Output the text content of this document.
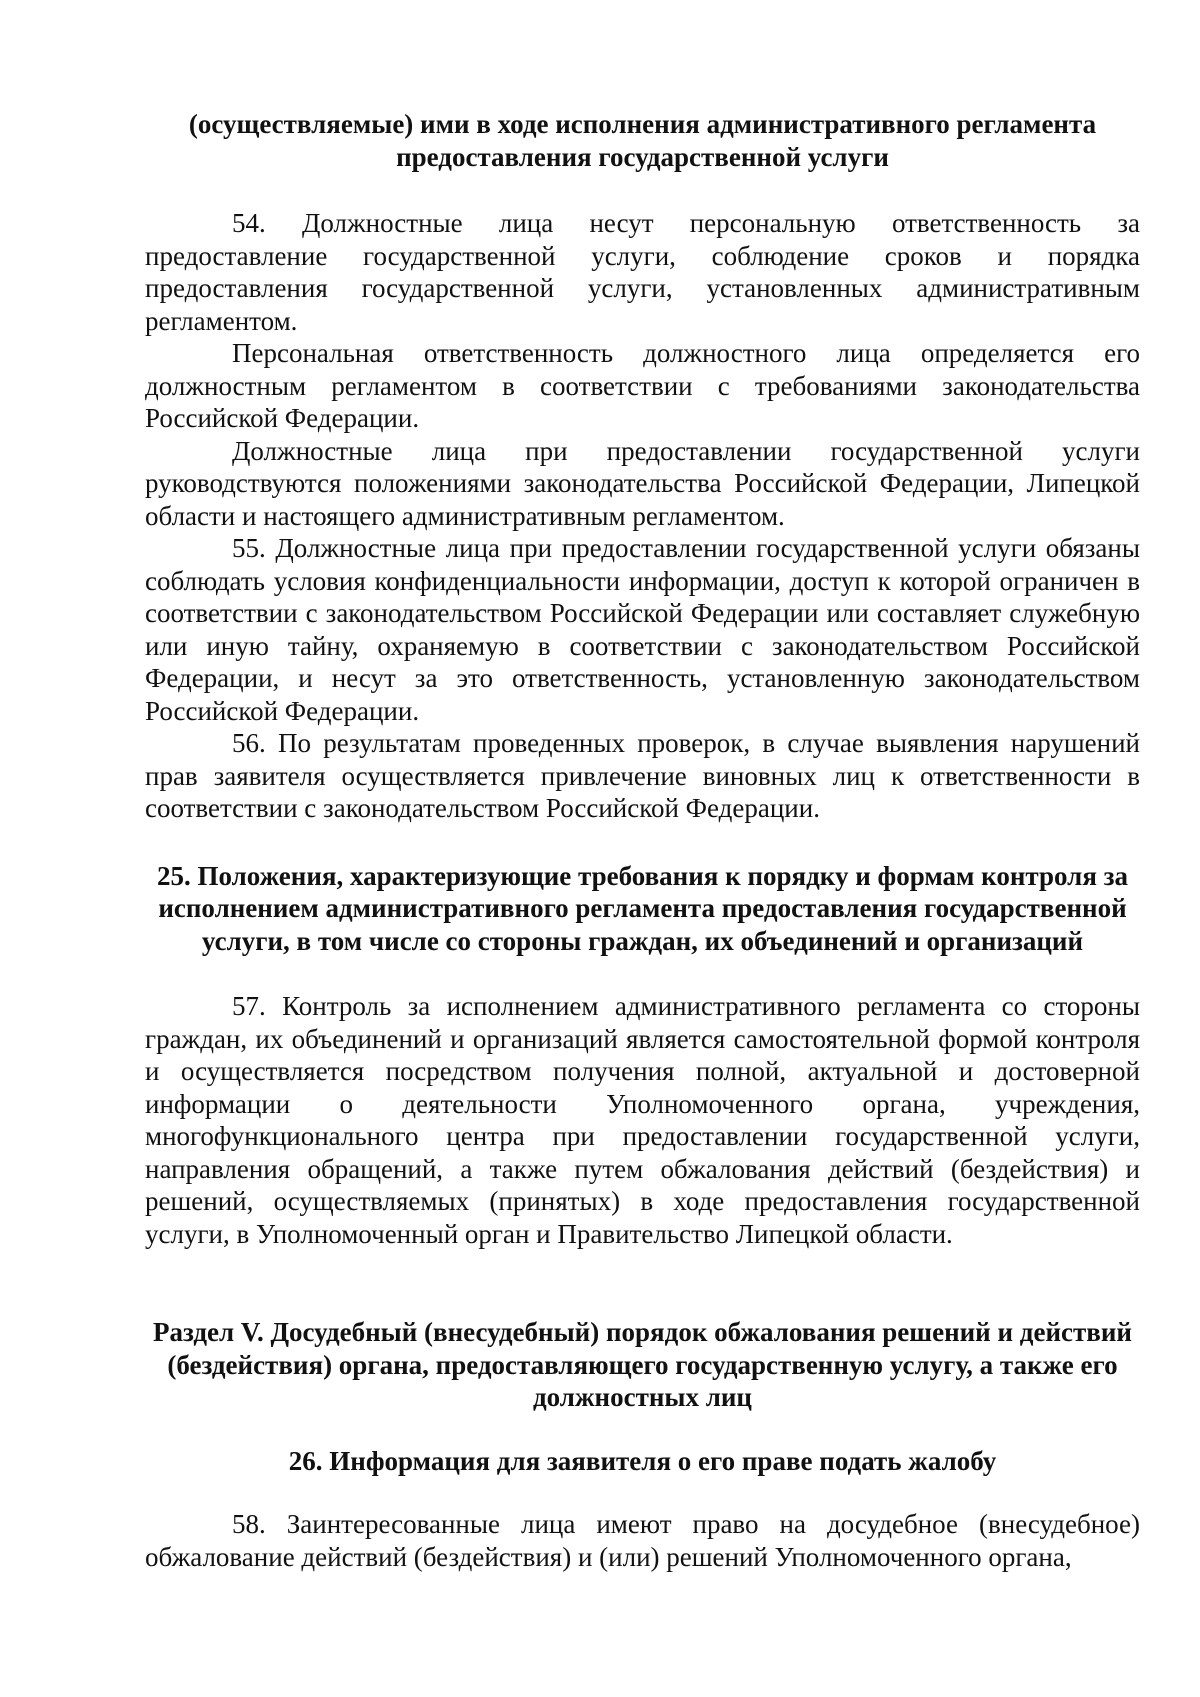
(осуществляемые) ими в ходе исполнения административного регламента предоставления государственной услуги

54. Должностные лица несут персональную ответственность за предоставление государственной услуги, соблюдение сроков и порядка предоставления государственной услуги, установленных административным регламентом.

Персональная ответственность должностного лица определяется его должностным регламентом в соответствии с требованиями законодательства Российской Федерации.

Должностные лица при предоставлении государственной услуги руководствуются положениями законодательства Российской Федерации, Липецкой области и настоящего административным регламентом.

55. Должностные лица при предоставлении государственной услуги обязаны соблюдать условия конфиденциальности информации, доступ к которой ограничен в соответствии с законодательством Российской Федерации или составляет служебную или иную тайну, охраняемую в соответствии с законодательством Российской Федерации, и несут за это ответственность, установленную законодательством Российской Федерации.

56. По результатам проведенных проверок, в случае выявления нарушений прав заявителя осуществляется привлечение виновных лиц к ответственности в соответствии с законодательством Российской Федерации.

25. Положения, характеризующие требования к порядку и формам контроля за исполнением административного регламента предоставления государственной услуги, в том числе со стороны граждан, их объединений и организаций

57. Контроль за исполнением административного регламента со стороны граждан, их объединений и организаций является самостоятельной формой контроля и осуществляется посредством получения полной, актуальной и достоверной информации о деятельности Уполномоченного органа, учреждения, многофункционального центра при предоставлении государственной услуги, направления обращений, а также путем обжалования действий (бездействия) и решений, осуществляемых (принятых) в ходе предоставления государственной услуги, в Уполномоченный орган и Правительство Липецкой области.

Раздел V. Досудебный (внесудебный) порядок обжалования решений и действий (бездействия) органа, предоставляющего государственную услугу, а также его должностных лиц

26. Информация для заявителя о его праве подать жалобу

58. Заинтересованные лица имеют право на досудебное (внесудебное) обжалование действий (бездействия) и (или) решений Уполномоченного органа,
